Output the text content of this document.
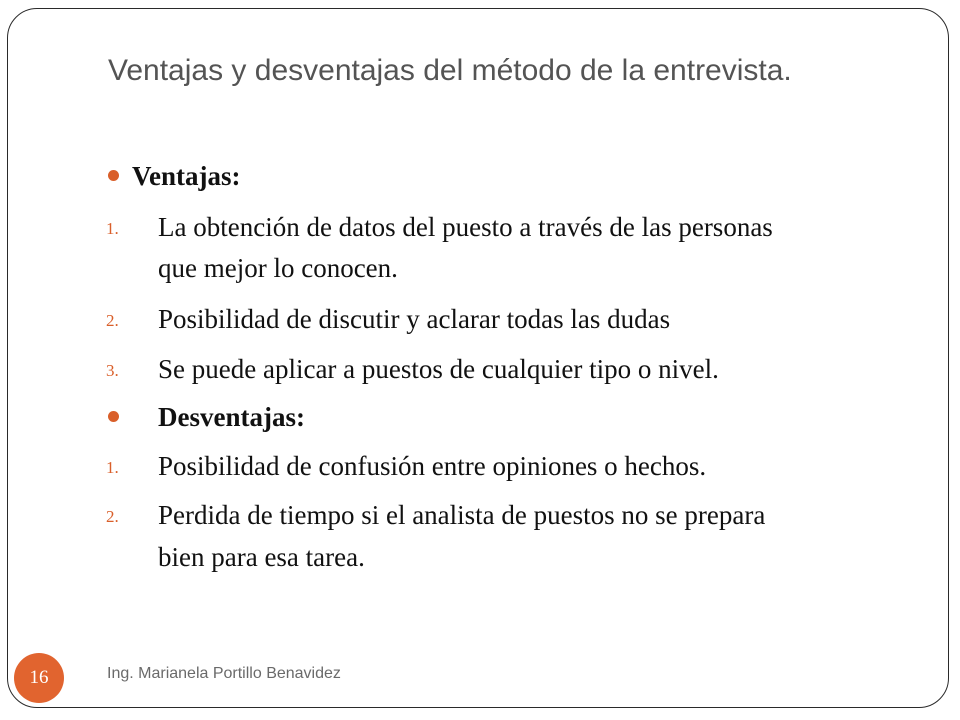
Ventajas y desventajas del método de la entrevista.
Ventajas:
1. La obtención de datos del puesto a través de las personas
que mejor lo conocen.
2. Posibilidad de discutir y aclarar todas las dudas
3. Se puede aplicar a puestos de cualquier tipo o nivel.
Desventajas:
1. Posibilidad de confusión entre opiniones o hechos.
2. Perdida de tiempo si el analista de puestos no se prepara
bien para esa tarea.
16	Ing. Marianela Portillo Benavidez
